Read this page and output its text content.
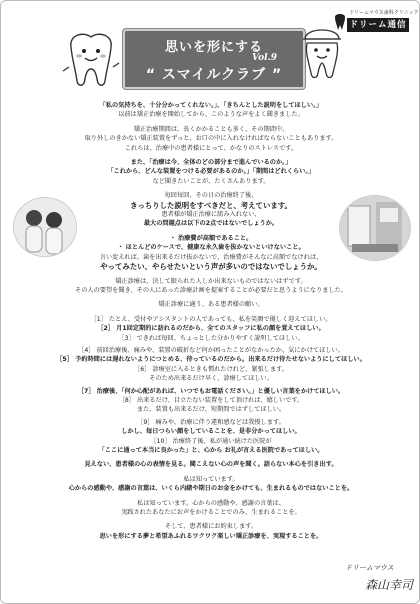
思いを形にする
Vol.9
“ スマイルクラブ ”
ドリームマウス歯科クリニック
ドリーム通信

「私の気持ちを、十分分かってくれない。」、「きちんとした説明をしてほしい。」

以前は矯正治療を開始してから、このような声をよく聞きました。

矯正治療期間は、長くかかることも多く、その期間中、

取り外しのきかない矯正装置をずっと、お口の中に入れなければならないこともあります。

これらは、治療中の患者様にとって、かなりのストレスです。

また、「治療は今、全体のどの部分まで進んでいるのか。」

「これから、どんな装置をつける必要があるのか。」「期間はどれくらい。」

など聞きたいことが、たくさんあります。

毎回毎回、その日の治療終了後、

きっちりした説明をすべきだと、考えています。

患者様が矯正治療に組み入れない、

最大の問題点は以下の2点ではないでしょうか。

・ 治療費が高額であること。

・ ほとんどのケースで、健康な永久歯を抜かないといけないこと。

言い変えれば、歯を出来るだけ抜かないで、治療費がそんなに高額でなければ、

やってみたい、やらせたいという声が多いのではないでしょうか。

矯正診療は、決して限られた人しか出来ないものではないはずです。

その人の要望を聞き、その人にあった診療計画を提案することが必要だと思うようになりました。

矯正診療に適う、ある患者様の願い。

［1］ たとえ、受付やアシスタントの人であっても、私を笑顔で優しく迎えてほしい。

［2］ 月1回定期的に訪れるのだから、全てのスタッフに私の顔を覚えてほしい。

［3］ できれば毎回、ちょっとした分かりやすく説明してほしい。

［4］ 前回治療後、痛みや、装置の破折など何か困ったことがなかったか、気にかけてほしい。

［5］ 予約時間には遅れないようにつとめる、待っているのだから。出来るだけ待たせないようにしてほしい。

［6］ 診療室に入るときも慣れたけれど、緊張します。

そのため出来るだけ早く、診療してほしい。

［7］ 治療後、「何か心配があれば、いつでもお電話ください。」と優しい言葉をかけてほしい。

［8］ 出来るだけ、目立たない装置をして頂ければ、嬉しいです。

また、装置も出来るだけ、短期間ではずしてほしい。

［9］ 痛みや、治療に伴う違和感などは我慢します。

しかし、毎日つらい顔をしていることを、是非分かってほしい。

［10］ 治療終了後、私が通い続けた医院が

「ここに通って本当に良かった」と、心から お礼が言える医院であってほしい。

見えない、患者様の心の表情を見る。聞こえない心の声を聞く。語らない本心を引き出す。

私は知っています。

心からの感動や、感謝の言葉は、いくら内緒や期日のお金をかけても、生まれるものではないことを。

私は知っています。心からの感動や、感謝の言葉は、

実践されたあなたにお声をかけることでのみ、生まれることを。

そして、患者様にお約束します。

思いを形にする夢と希望あふれるワクワク楽しい矯正診療を、実現することを。

ドリームマウス
森山幸司
